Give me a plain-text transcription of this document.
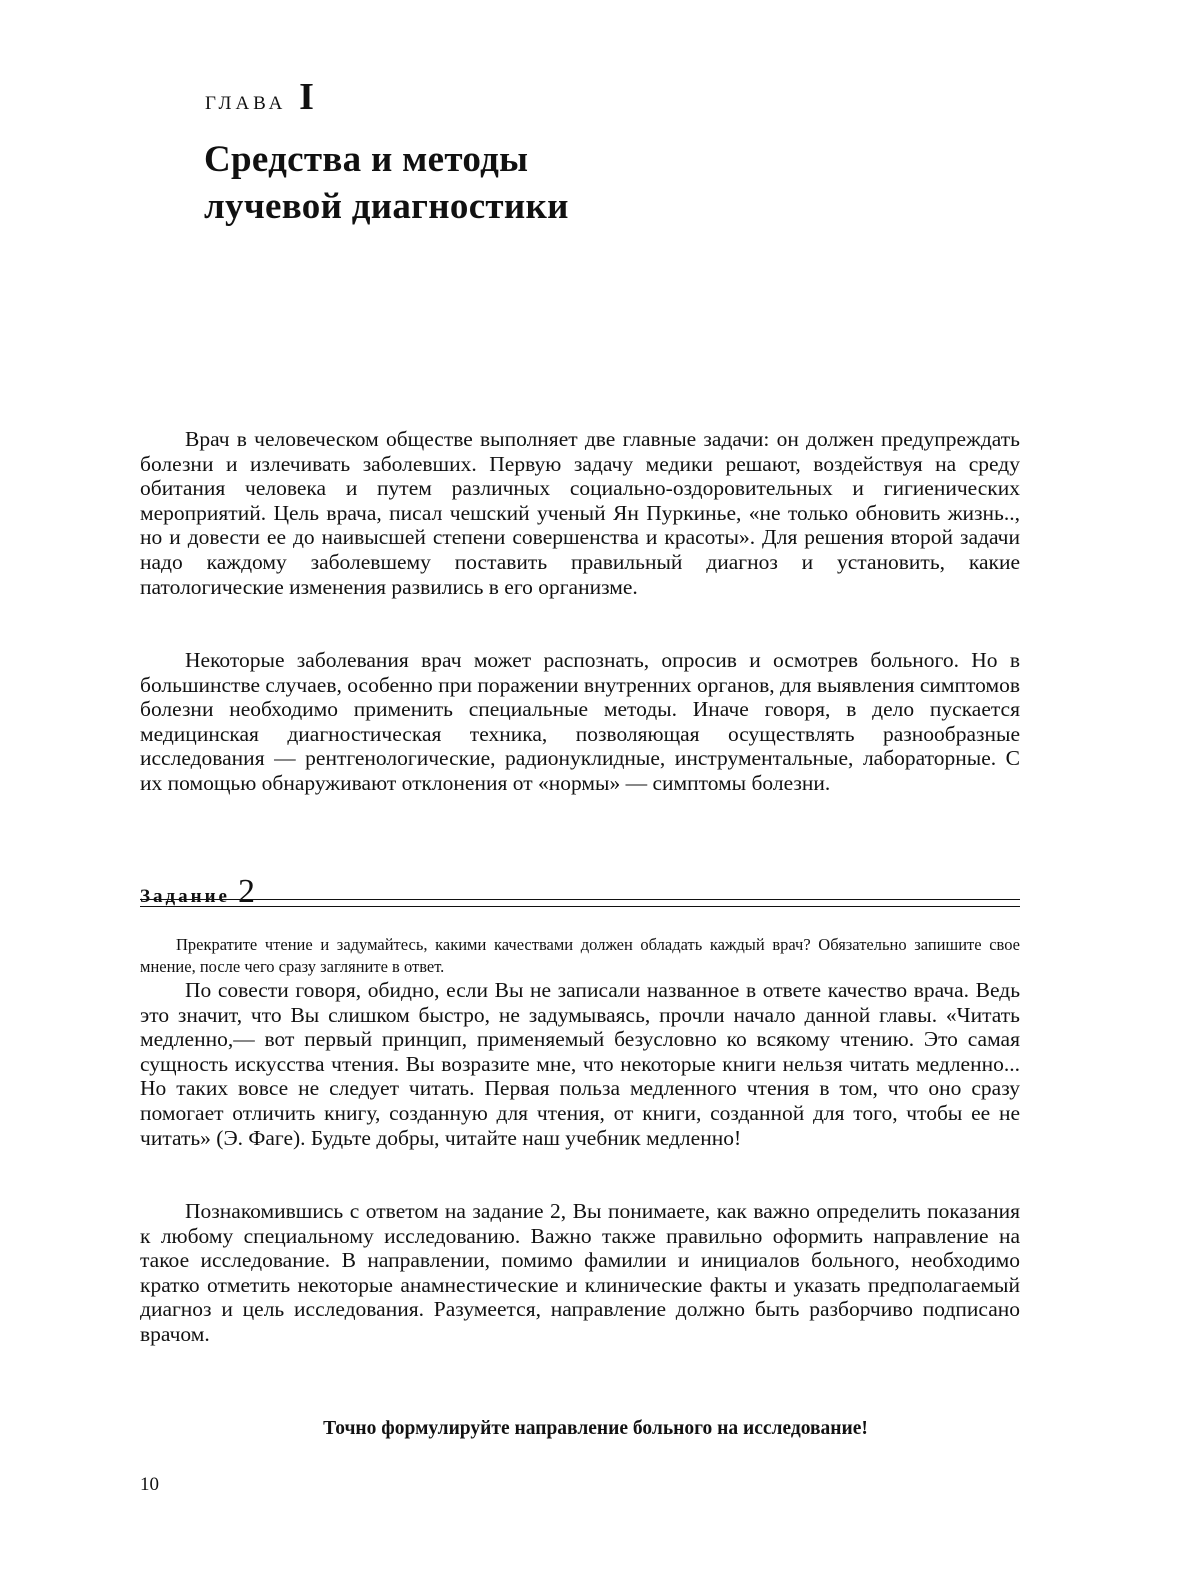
ГЛАВА I
Средства и методы
лучевой диагностики

Врач в человеческом обществе выполняет две главные задачи: он должен предупреждать болезни и излечивать заболевших. Первую задачу медики решают, воздействуя на среду обитания человека и путем различных социально-оздоровительных и гигиенических мероприятий. Цель врача, писал чешский ученый Ян Пуркинье, «не только обновить жизнь.., но и довести ее до наивысшей степени совершенства и красоты». Для решения второй задачи надо каждому заболевшему поставить правильный диагноз и установить, какие патологические изменения развились в его организме.

Некоторые заболевания врач может распознать, опросив и осмотрев больного. Но в большинстве случаев, особенно при поражении внутренних органов, для выявления симптомов болезни необходимо применить специальные методы. Иначе говоря, в дело пускается медицинская диагностическая техника, позволяющая осуществлять разнообразные исследования — рентгенологические, радионуклидные, инструментальные, лабораторные. С их помощью обнаруживают отклонения от «нормы» — симптомы болезни.

Задание 2

Прекратите чтение и задумайтесь, какими качествами должен обладать каждый врач? Обязательно запишите свое мнение, после чего сразу загляните в ответ.

По совести говоря, обидно, если Вы не записали названное в ответе качество врача. Ведь это значит, что Вы слишком быстро, не задумываясь, прочли начало данной главы. «Читать медленно,— вот первый принцип, применяемый безусловно ко всякому чтению. Это самая сущность искусства чтения. Вы возразите мне, что некоторые книги нельзя читать медленно... Но таких вовсе не следует читать. Первая польза медленного чтения в том, что оно сразу помогает отличить книгу, созданную для чтения, от книги, созданной для того, чтобы ее не читать» (Э. Фаге). Будьте добры, читайте наш учебник медленно!

Познакомившись с ответом на задание 2, Вы понимаете, как важно определить показания к любому специальному исследованию. Важно также правильно оформить направление на такое исследование. В направлении, помимо фамилии и инициалов больного, необходимо кратко отметить некоторые анамнестические и клинические факты и указать предполагаемый диагноз и цель исследования. Разумеется, направление должно быть разборчиво подписано врачом.

Точно формулируйте направление больного на исследование!
10
